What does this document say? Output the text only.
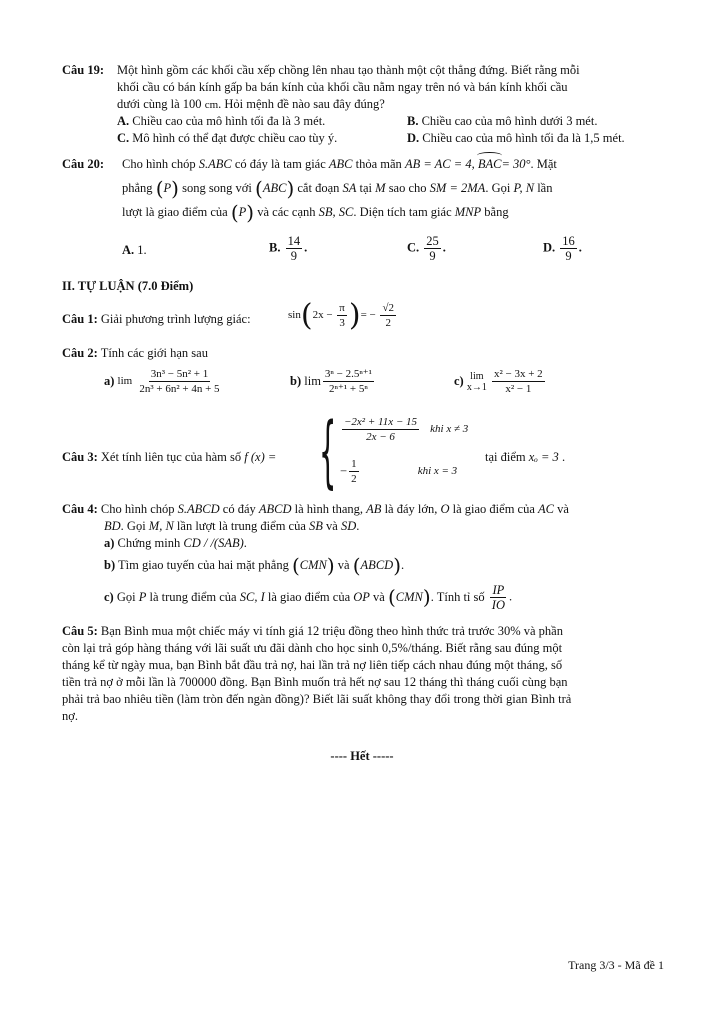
Câu 19: Một hình gồm các khối cầu xếp chồng lên nhau tạo thành một cột thẳng đứng. Biết rằng mỗi
khối cầu có bán kính gấp ba bán kính của khối cầu nằm ngay trên nó và bán kính khối cầu
dưới cùng là 100 cm. Hỏi mệnh đề nào sau đây đúng?
A. Chiều cao của mô hình tối đa là 3 mét.	B. Chiều cao của mô hình dưới 3 mét.
C. Mô hình có thể đạt được chiều cao tùy ý.	D. Chiều cao của mô hình tối đa là 1,5 mét.
Câu 20: Cho hình chóp S.ABC có đáy là tam giác ABC thỏa mãn AB = AC = 4, BAC= 30°. Mặt
phẳng (P) song song với (ABC) cắt đoạn SA tại M sao cho SM = 2MA. Gọi P, N lần
lượt là giao điểm của (P) và các cạnh SB, SC. Diện tích tam giác MNP bằng
A. 1.	B. $\frac{14}{9}$ .	C. $\frac{25}{9}$ .	D. $\frac{16}{9}$ .
II. TỰ LUẬN (7.0 Điểm)
Câu 1: Giải phương trình lượng giác:	$\sin(2x - \frac{\pi}{3}$ )= − $\frac{√2}{2}$
Câu 2: Tính các giới hạn sau
a) $\lim \frac{\text{3n³ − 5n² + 1}}{\text{2n³ + 6n² + 4n + 5}}$	b) $\lim \frac{\text{3ⁿ − 2.5ⁿ⁺¹}}{\text{2ⁿ⁺¹ + 5ⁿ}}$	c) lim
x→1
$\frac{\text{x² − 3x + 2}}{\text{x² − 1}}$
Câu 3: Xét tính liên tục của hàm số f (x) = { $\frac{\text{−2x² + 11x − 15}}{2x - 6}$ khi x ≠ 3
− $\frac{1}{2}$	khi x = 3
tại điểm xₒ = 3 .
Câu 4: Cho hình chóp S.ABCD có đáy ABCD là hình thang, AB là đáy lớn, O là giao điểm của AC và
BD. Gọi M, N lần lượt là trung điểm của SB và SD.
a) Chứng minh CD / /(SAB).
b) Tìm giao tuyến của hai mặt phẳng (CMN) và (ABCD).
c) Gọi P là trung điểm của SC, I là giao điểm của OP và (CMN). Tính tỉ số $\frac{IP}{IO}$ .
Câu 5: Bạn Bình mua một chiếc máy vi tính giá 12 triệu đồng theo hình thức trả trước 30% và phần
còn lại trả góp hàng tháng với lãi suất ưu đãi dành cho học sinh 0,5%/tháng. Biết rằng sau đúng một
tháng kể từ ngày mua, bạn Bình bắt đầu trả nợ, hai lần trả nợ liên tiếp cách nhau đúng một tháng, số
tiền trả nợ ở mỗi lần là 700000 đồng. Bạn Bình muốn trả hết nợ sau 12 tháng thì tháng cuối cùng bạn
phải trả bao nhiêu tiền (làm tròn đến ngàn đồng)? Biết lãi suất không thay đổi trong thời gian Bình trả
nợ.
---- Hết -----
Trang 3/3 - Mã đề 1
